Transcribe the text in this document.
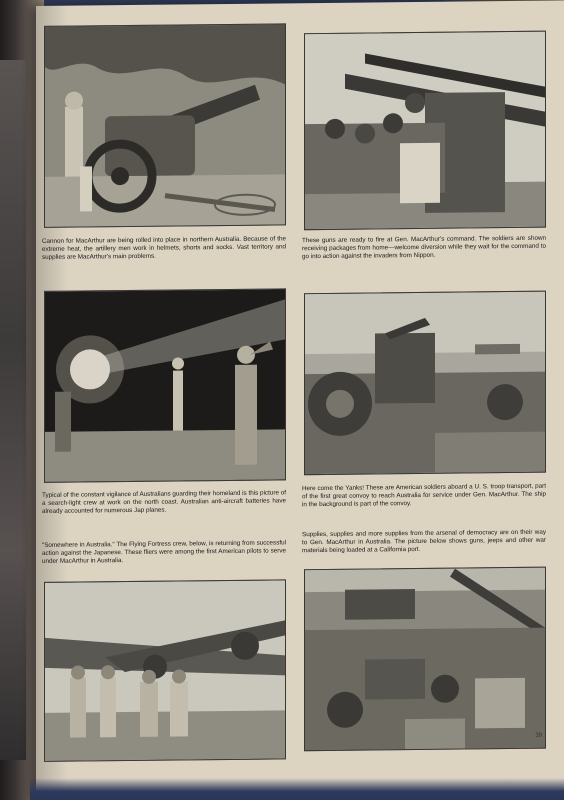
Cannon for MacArthur are being rolled into place in northern Australia. Because of the extreme heat, the artillery men work in helmets, shorts and socks. Vast territory and supplies are MacArthur's main problems.

These guns are ready to fire at Gen. MacArthur's command. The soldiers are shown receiving packages from home—welcome diversion while they wait for the command to go into action against the invaders from Nippon.

Typical of the constant vigilance of Australians guarding their homeland is this picture of a search-light crew at work on the north coast. Australian anti-aircraft batteries have already accounted for numerous Jap planes.

Here come the Yanks! These are American soldiers aboard a U. S. troop transport, part of the first great convoy to reach Australia for service under Gen. MacArthur. The ship in the background is part of the convoy.

"Somewhere in Australia." The Flying Fortress crew, below, is returning from successful action against the Japanese. These fliers were among the first American pilots to serve under MacArthur in Australia.

Supplies, supplies and more supplies from the arsenal of democracy are on their way to Gen. MacArthur in Australia. The picture below shows guns, jeeps and other war materials being loaded at a California port.

39
